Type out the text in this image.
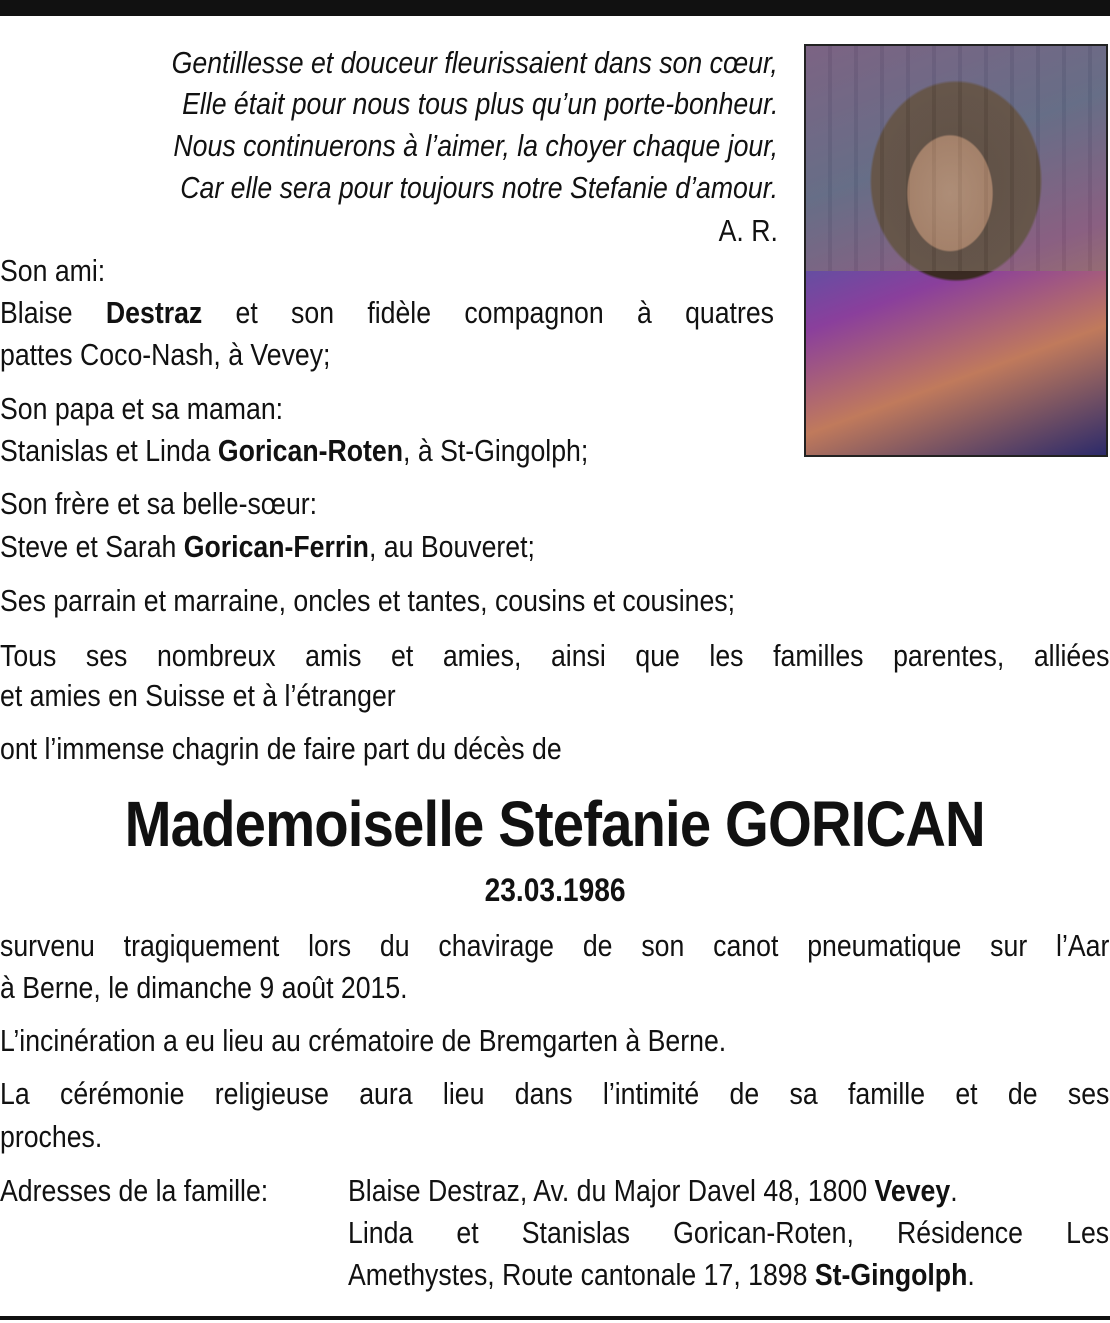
Gentillesse et douceur fleurissaient dans son cœur,
Elle était pour nous tous plus qu’un porte-bonheur.
Nous continuerons à l’aimer, la choyer chaque jour,
Car elle sera pour toujours notre Stefanie d’amour.
A. R.
Son ami:
Blaise Destraz et son fidèle compagnon à quatres
pattes Coco-Nash, à Vevey;
Son papa et sa maman:
Stanislas et Linda Gorican-Roten, à St-Gingolph;
Son frère et sa belle-sœur:
Steve et Sarah Gorican-Ferrin, au Bouveret;
Ses parrain et marraine, oncles et tantes, cousins et cousines;
Tous ses nombreux amis et amies, ainsi que les familles parentes, alliées
et amies en Suisse et à l’étranger
ont l’immense chagrin de faire part du décès de
Mademoiselle Stefanie GORICAN
23.03.1986
survenu tragiquement lors du chavirage de son canot pneumatique sur l’Aar
à Berne, le dimanche 9 août 2015.
L’incinération a eu lieu au crématoire de Bremgarten à Berne.
La cérémonie religieuse aura lieu dans l’intimité de sa famille et de ses
proches.
Adresses de la famille:	Blaise Destraz, Av. du Major Davel 48, 1800 Vevey.
Linda et Stanislas Gorican-Roten, Résidence Les
Amethystes, Route cantonale 17, 1898 St-Gingolph.
